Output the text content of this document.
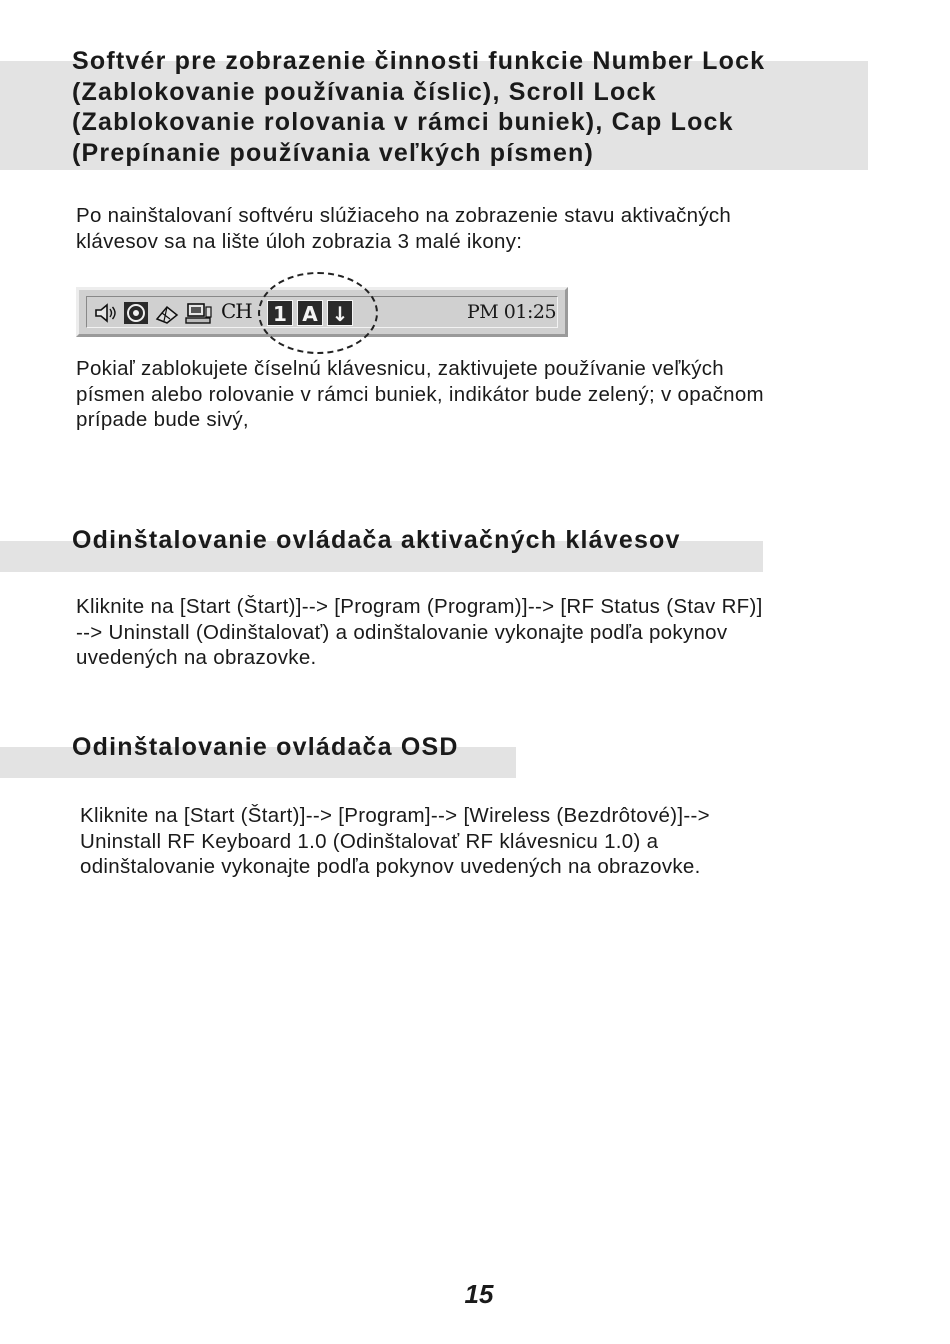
Softvér pre zobrazenie činnosti funkcie Number Lock
(Zablokovanie používania číslic), Scroll Lock
(Zablokovanie rolovania v rámci buniek), Cap Lock
(Prepínanie používania veľkých písmen)

Po nainštalovaní softvéru slúžiaceho na zobrazenie stavu aktivačných
klávesov sa na lište úloh zobrazia 3 malé ikony:

CH	1 A ↓	PM 01:25

Pokiaľ zablokujete číselnú klávesnicu, zaktivujete používanie veľkých
písmen alebo rolovanie v rámci buniek, indikátor bude zelený; v opačnom
prípade bude sivý,

Odinštalovanie ovládača aktivačných klávesov

Kliknite na [Start (Štart)]--> [Program (Program)]--> [RF Status (Stav RF)]
--> Uninstall (Odinštalovať) a odinštalovanie vykonajte podľa pokynov
uvedených na obrazovke.

Odinštalovanie ovládača OSD

Kliknite na [Start (Štart)]--> [Program]--> [Wireless (Bezdrôtové)]-->
Uninstall RF Keyboard 1.0 (Odinštalovať RF klávesnicu 1.0) a
odinštalovanie vykonajte podľa pokynov uvedených na obrazovke.

15
